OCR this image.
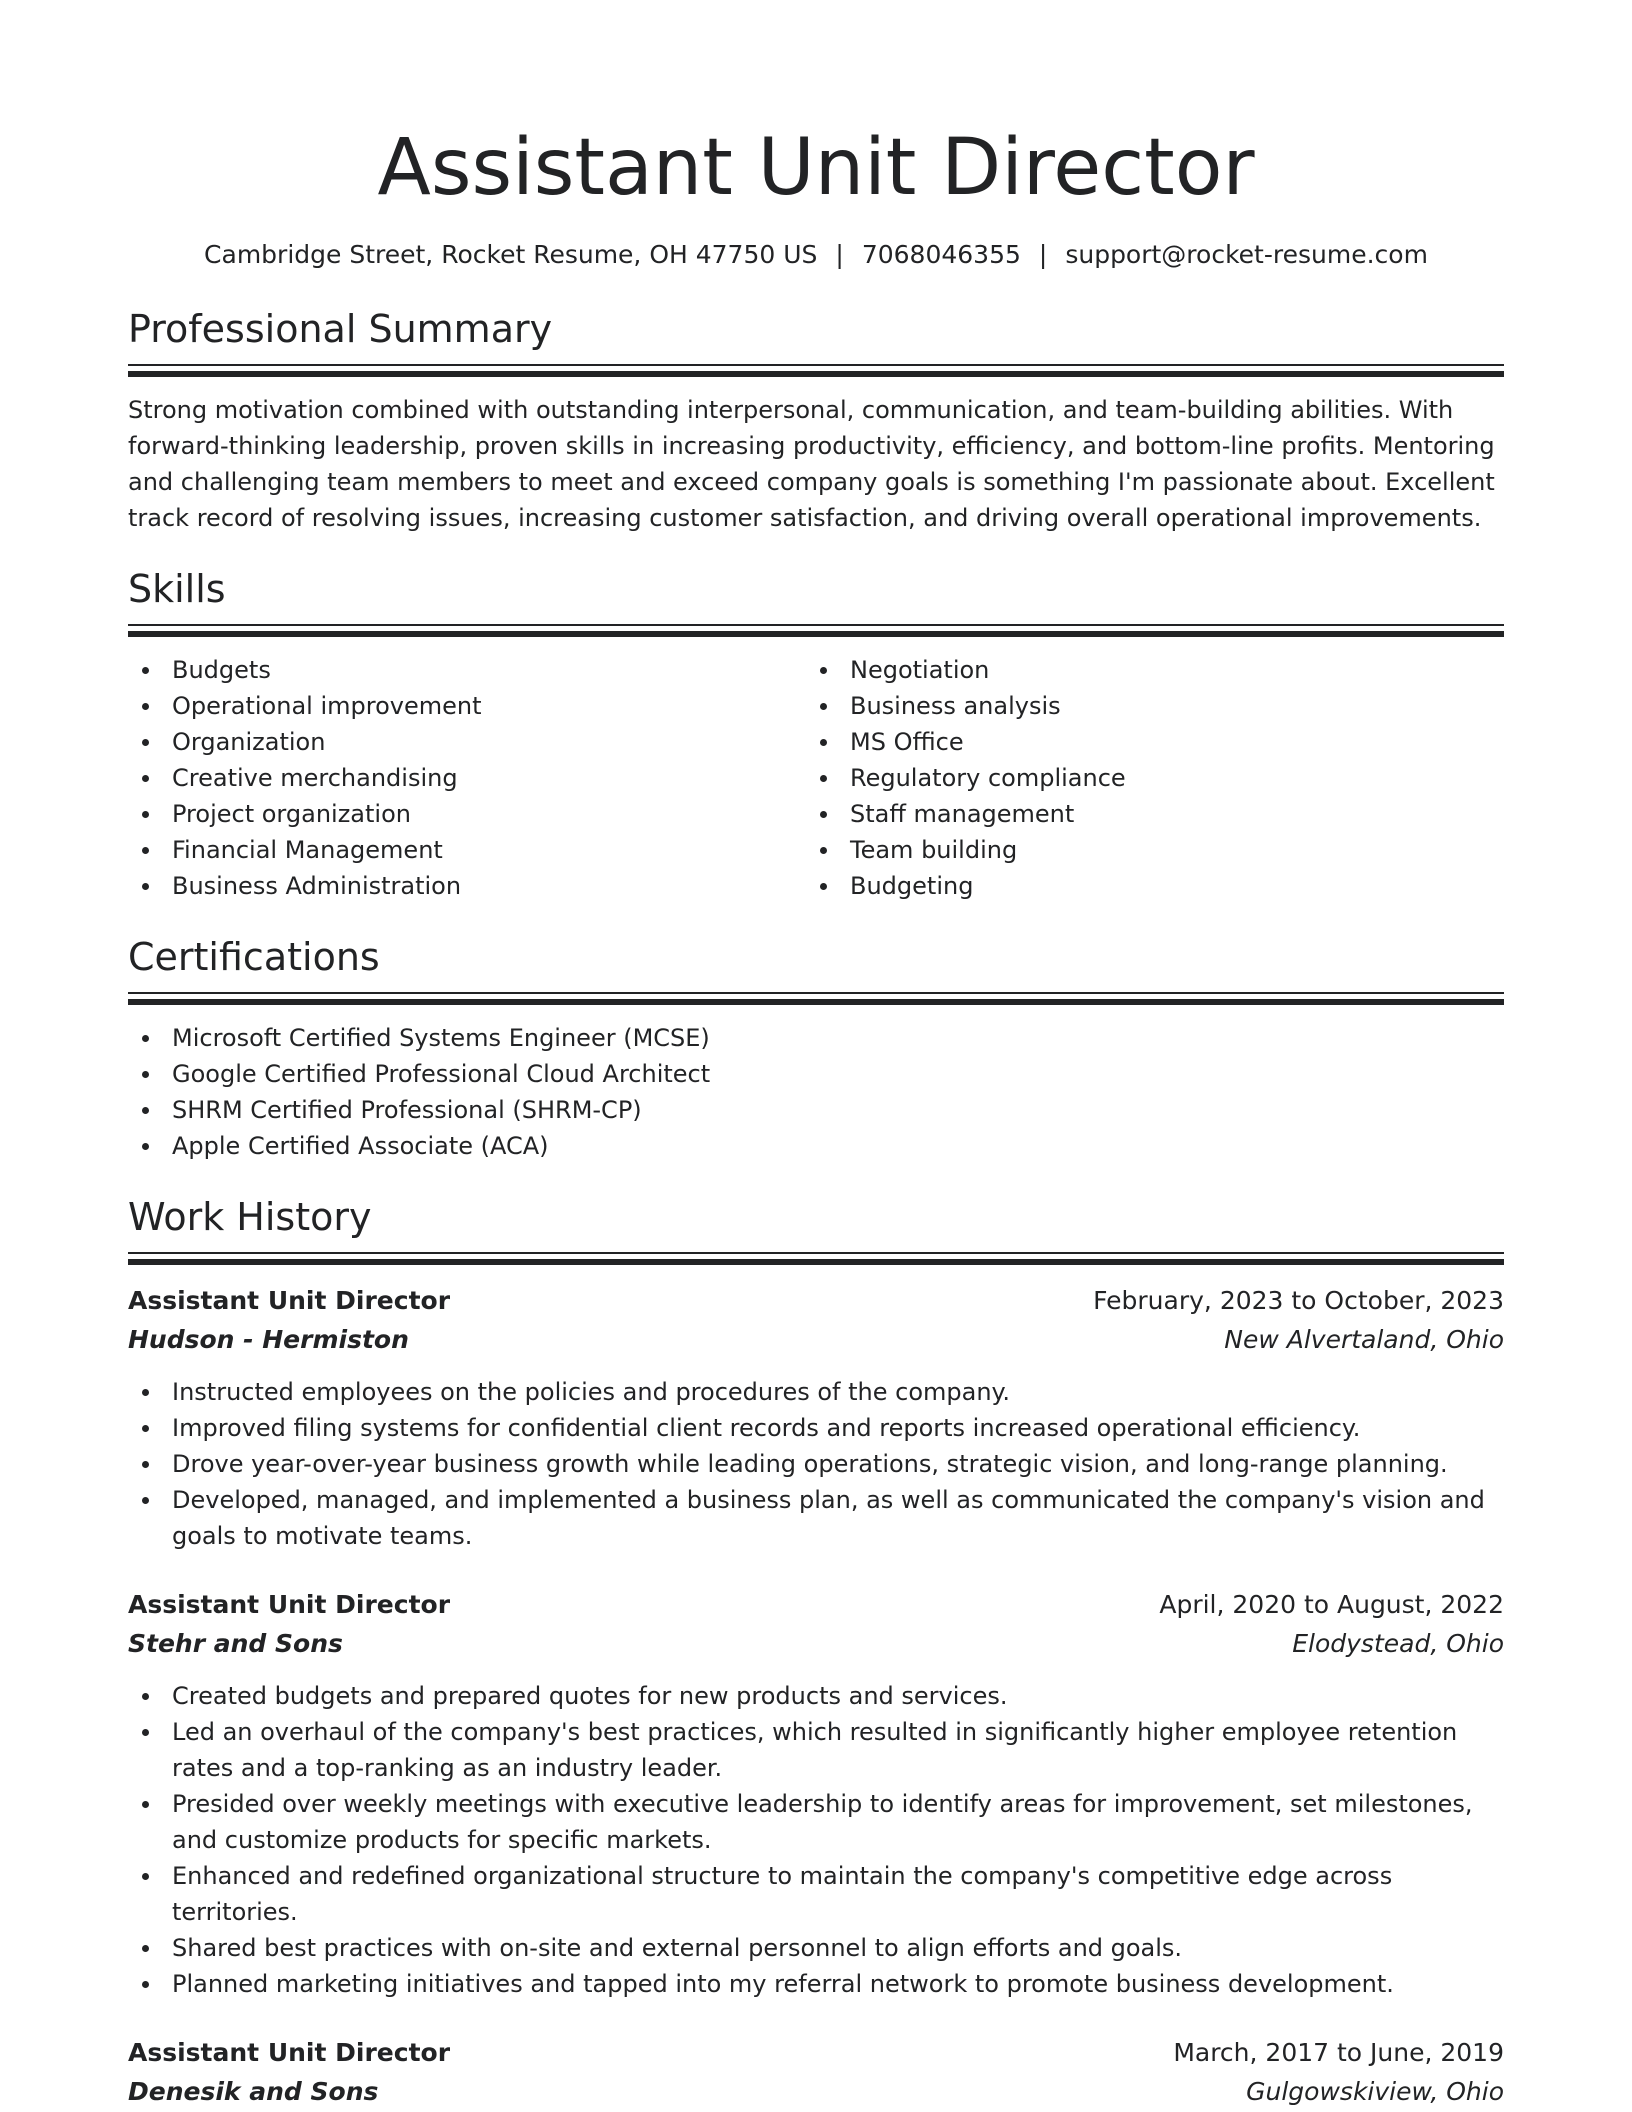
Assistant Unit Director
Cambridge Street, Rocket Resume, OH 47750 US | 7068046355 | support@rocket-resume.com
Professional Summary
Strong motivation combined with outstanding interpersonal, communication, and team-building abilities. With forward-thinking leadership, proven skills in increasing productivity, efficiency, and bottom-line profits. Mentoring and challenging team members to meet and exceed company goals is something I'm passionate about. Excellent track record of resolving issues, increasing customer satisfaction, and driving overall operational improvements.
Skills
Budgets
Operational improvement
Organization
Creative merchandising
Project organization
Financial Management
Business Administration
Negotiation
Business analysis
MS Office
Regulatory compliance
Staff management
Team building
Budgeting
Certifications
Microsoft Certified Systems Engineer (MCSE)
Google Certified Professional Cloud Architect
SHRM Certified Professional (SHRM-CP)
Apple Certified Associate (ACA)
Work History
Assistant Unit Director	February, 2023 to October, 2023
Hudson - Hermiston	New Alvertaland, Ohio
Instructed employees on the policies and procedures of the company.
Improved filing systems for confidential client records and reports increased operational efficiency.
Drove year-over-year business growth while leading operations, strategic vision, and long-range planning.
Developed, managed, and implemented a business plan, as well as communicated the company's vision and goals to motivate teams.
Assistant Unit Director	April, 2020 to August, 2022
Stehr and Sons	Elodystead, Ohio
Created budgets and prepared quotes for new products and services.
Led an overhaul of the company's best practices, which resulted in significantly higher employee retention rates and a top-ranking as an industry leader.
Presided over weekly meetings with executive leadership to identify areas for improvement, set milestones, and customize products for specific markets.
Enhanced and redefined organizational structure to maintain the company's competitive edge across territories.
Shared best practices with on-site and external personnel to align efforts and goals.
Planned marketing initiatives and tapped into my referral network to promote business development.
Assistant Unit Director	March, 2017 to June, 2019
Denesik and Sons	Gulgowskiview, Ohio
